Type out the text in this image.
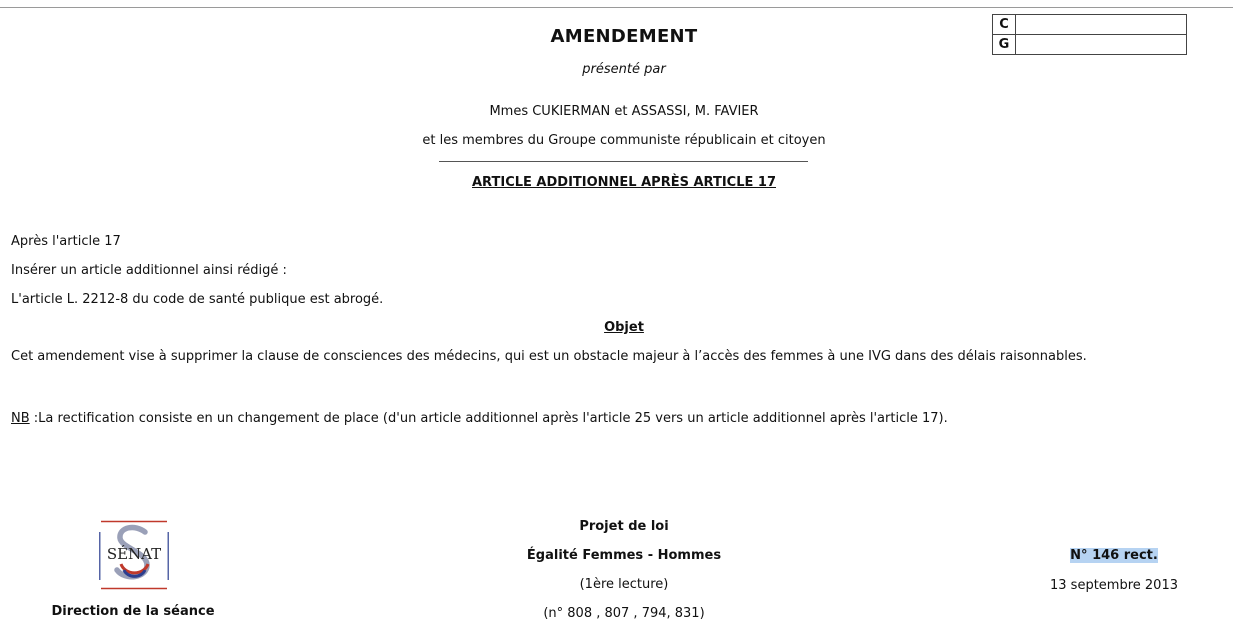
AMENDEMENT
présenté par
C	
G	
Mmes CUKIERMAN et ASSASSI, M. FAVIER
et les membres du Groupe communiste républicain et citoyen
ARTICLE ADDITIONNEL APRÈS ARTICLE 17
Après l'article 17
Insérer un article additionnel ainsi rédigé :
L'article L. 2212-8 du code de santé publique est abrogé.
Objet
Cet amendement vise à supprimer la clause de consciences des médecins, qui est un obstacle majeur à l’accès des femmes à une IVG dans des délais raisonnables.
NB :La rectification consiste en un changement de place (d'un article additionnel après l'article 25 vers un article additionnel après l'article 17).
SÉNAT
Direction de la séance
Projet de loi
Égalité Femmes - Hommes
(1ère lecture)
(n° 808 , 807 , 794, 831)
N° 146 rect.
13 septembre 2013
